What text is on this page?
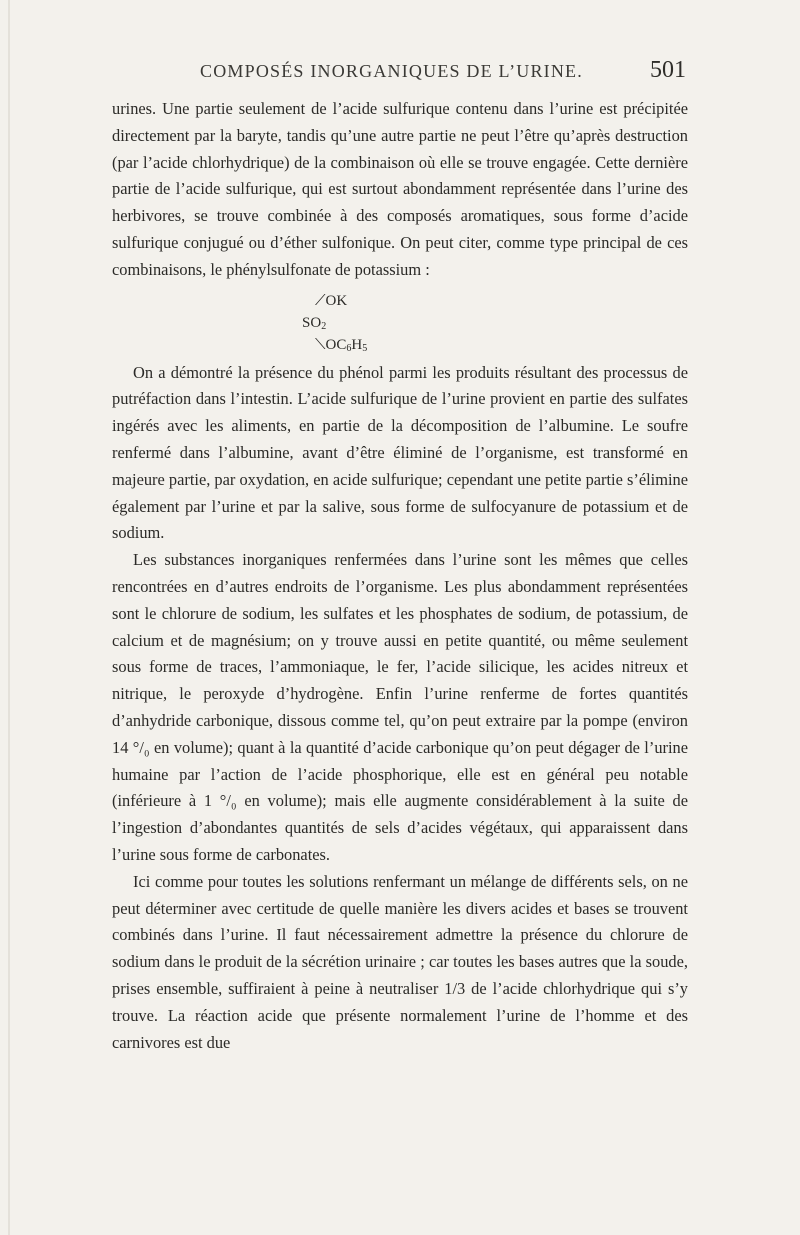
COMPOSÉS INORGANIQUES DE L’URINE.	501

urines. Une partie seulement de l’acide sulfurique contenu dans l’urine est précipitée directement par la baryte, tandis qu’une autre partie ne peut l’être qu’après destruction (par l’acide chlorhydrique) de la combinaison où elle se trouve engagée. Cette dernière partie de l’acide sulfurique, qui est surtout abondamment représentée dans l’urine des herbivores, se trouve combinée à des composés aromatiques, sous forme d’acide sulfurique conjugué ou d’éther sulfonique. On peut citer, comme type principal de ces combinaisons, le phénylsulfonate de potassium :

⟋OK
$SO_2$
$⟍OC_6H_5$

On a démontré la présence du phénol parmi les produits résultant des processus de putréfaction dans l’intestin. L’acide sulfurique de l’urine provient en partie des sulfates ingérés avec les aliments, en partie de la décomposition de l’albumine. Le soufre renfermé dans l’albumine, avant d’être éliminé de l’organisme, est transformé en majeure partie, par oxydation, en acide sulfurique; cependant une petite partie s’élimine également par l’urine et par la salive, sous forme de sulfocyanure de potassium et de sodium.

Les substances inorganiques renfermées dans l’urine sont les mêmes que celles rencontrées en d’autres endroits de l’organisme. Les plus abondamment représentées sont le chlorure de sodium, les sulfates et les phosphates de sodium, de potassium, de calcium et de magnésium; on y trouve aussi en petite quantité, ou même seulement sous forme de traces, l’ammoniaque, le fer, l’acide silicique, les acides nitreux et nitrique, le peroxyde d’hydrogène. Enfin l’urine renferme de fortes quantités d’anhydride carbonique, dissous comme tel, qu’on peut extraire par la pompe (environ 14 °/₀ en volume); quant à la quantité d’acide carbonique qu’on peut dégager de l’urine humaine par l’action de l’acide phosphorique, elle est en général peu notable (inférieure à 1 °/₀ en volume); mais elle augmente considérablement à la suite de l’ingestion d’abondantes quantités de sels d’acides végétaux, qui apparaissent dans l’urine sous forme de carbonates.

Ici comme pour toutes les solutions renfermant un mélange de différents sels, on ne peut déterminer avec certitude de quelle manière les divers acides et bases se trouvent combinés dans l’urine. Il faut nécessairement admettre la présence du chlorure de sodium dans le produit de la sécrétion urinaire ; car toutes les bases autres que la soude, prises ensemble, suffiraient à peine à neutraliser 1/3 de l’acide chlorhydrique qui s’y trouve. La réaction acide que présente normalement l’urine de l’homme et des carnivores est due
